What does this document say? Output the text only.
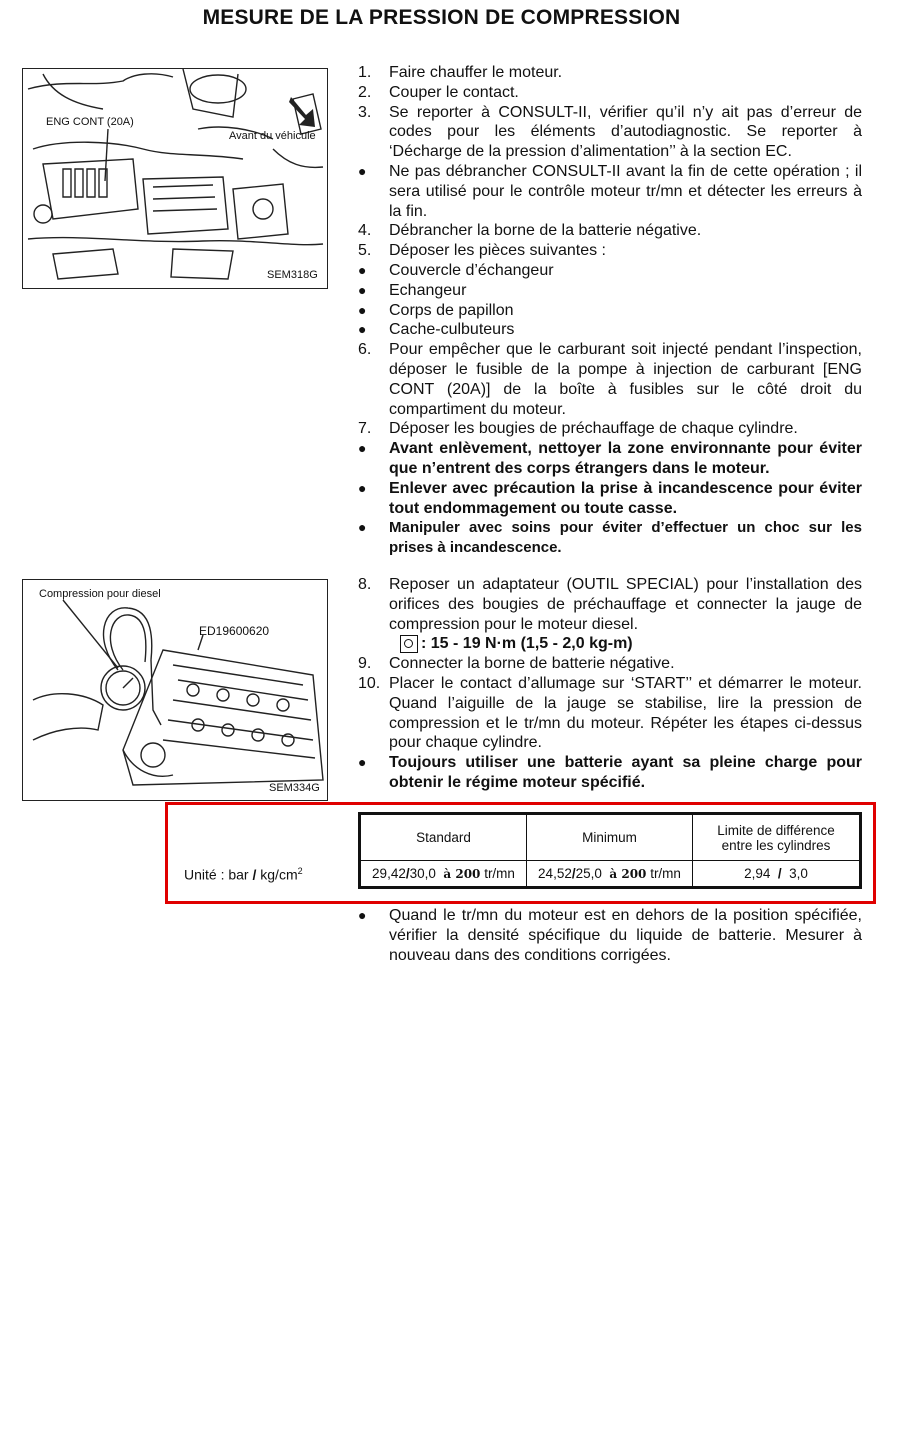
MESURE DE LA PRESSION DE COMPRESSION
ENG CONT (20A)
Avant du véhicule
SEM318G
1.	Faire chauffer le moteur.
2.	Couper le contact.
3.	Se reporter à CONSULT-II, vérifier qu’il n’y ait pas d’erreur de codes pour les éléments d’autodiagnostic. Se reporter à ‘Décharge de la pression d’alimentation’’ à la section EC.
●
Ne pas débrancher CONSULT-II avant la fin de cette opération ; il sera utilisé pour le contrôle moteur tr/mn et détecter les erreurs à la fin.
4.	Débrancher la borne de la batterie négative.
5.	Déposer les pièces suivantes :
●
Couvercle d’échangeur
●
Echangeur
●
Corps de papillon
●
Cache-culbuteurs
6.	Pour empêcher que le carburant soit injecté pendant l’inspection, déposer le fusible de la pompe à injection de carburant [ENG CONT (20A)] de la boîte à fusibles sur le côté droit du compartiment du moteur.
7.	Déposer les bougies de préchauffage de chaque cylindre.
●
Avant enlèvement, nettoyer la zone environnante pour éviter que n’entrent des corps étrangers dans le moteur.
●
Enlever avec précaution la prise à incandescence pour éviter tout endommagement ou toute casse.
●
Manipuler avec soins pour éviter d’effectuer un choc sur les prises à incandescence.
Compression pour diesel
ED19600620
SEM334G
8.	Reposer un adaptateur (OUTIL SPECIAL) pour l’installation des orifices des bougies de préchauffage et connecter la jauge de compression pour le moteur diesel.
: 15 - 19 N·m (1,5 - 2,0 kg-m)
9.	Connecter la borne de batterie négative.
10. Placer le contact d’allumage sur ‘START’’ et démarrer le moteur. Quand l’aiguille de la jauge se stabilise, lire la pression de compression et le tr/mn du moteur. Répéter les étapes ci-dessus pour chaque cylindre.
●
Toujours utiliser une batterie ayant sa pleine charge pour obtenir le régime moteur spécifié.
Unité : bar / $kg/cm^2$
Standard	Minimum	Limite de différence
entre les cylindres
29,42/30,0 à 200 tr/mn	24,52/25,0 à 200 tr/mn	2,94 / 3,0
●
Quand le tr/mn du moteur est en dehors de la position spécifiée, vérifier la densité spécifique du liquide de batterie. Mesurer à nouveau dans des conditions corrigées.
